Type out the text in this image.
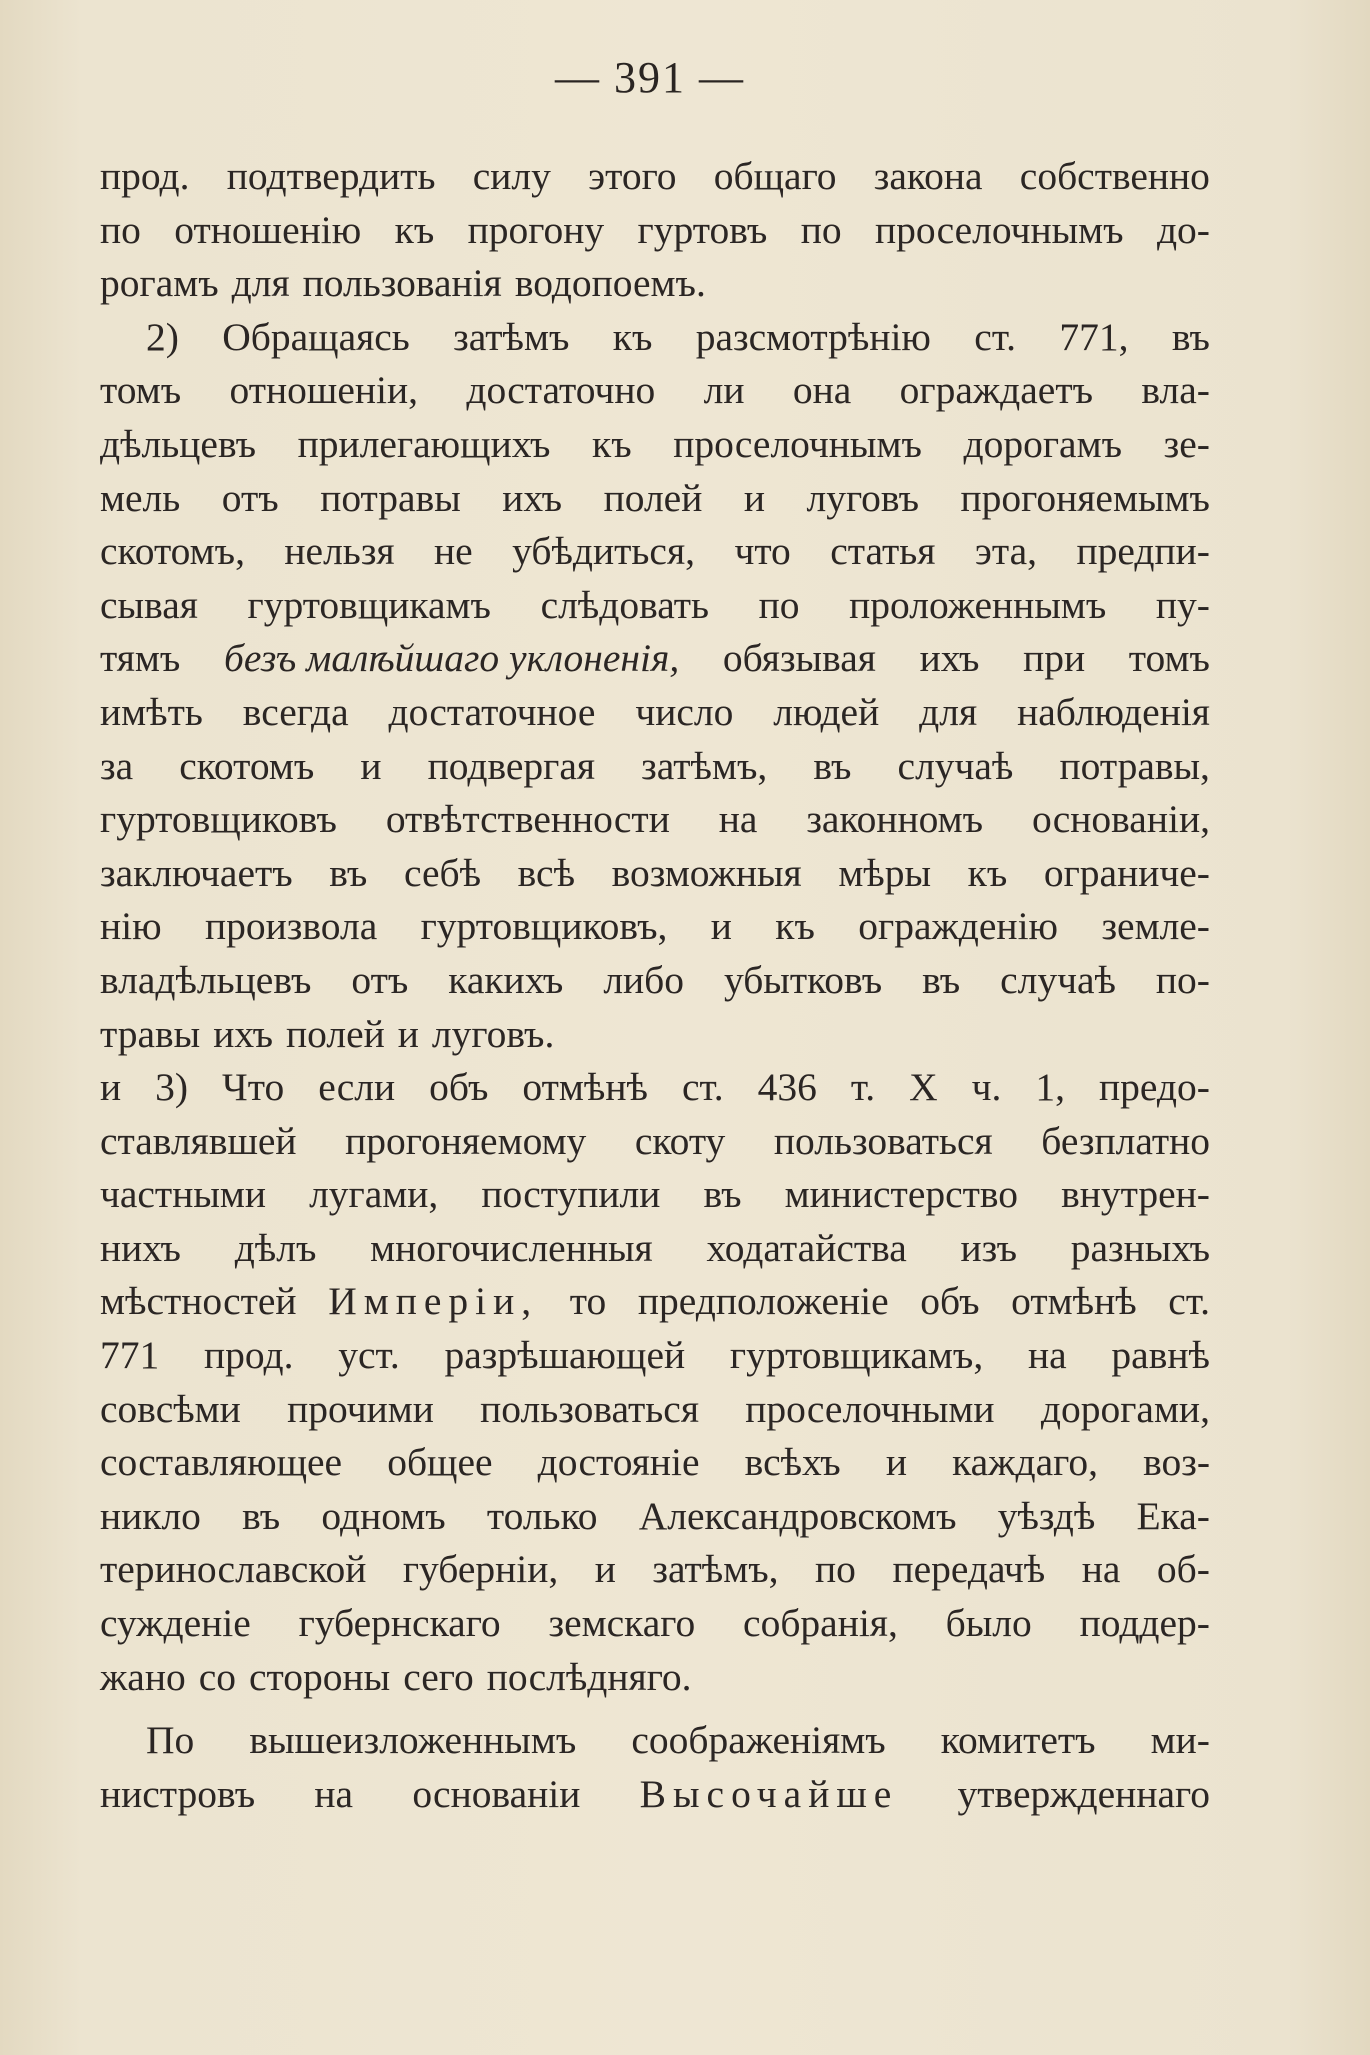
— 391 —
прод. подтвердить силу этого общаго закона собственно
по отношенію къ прогону гуртовъ по проселочнымъ до-
рогамъ для пользованія водопоемъ.
2) Обращаясь затѣмъ къ разсмотрѣнію ст. 771, въ
томъ отношеніи, достаточно ли она ограждаетъ вла-
дѣльцевъ прилегающихъ къ проселочнымъ дорогамъ зе-
мель отъ потравы ихъ полей и луговъ прогоняемымъ
скотомъ, нельзя не убѣдиться, что статья эта, предпи-
сывая гуртовщикамъ слѣдовать по проложеннымъ пу-
тямъ безъ малѣйшаго уклоненія, обязывая ихъ при томъ
имѣть всегда достаточное число людей для наблюденія
за скотомъ и подвергая затѣмъ, въ случаѣ потравы,
гуртовщиковъ отвѣтственности на законномъ основаніи,
заключаетъ въ себѣ всѣ возможныя мѣры къ ограниче-
нію произвола гуртовщиковъ, и къ огражденію земле-
владѣльцевъ отъ какихъ либо убытковъ въ случаѣ по-
травы ихъ полей и луговъ.
и 3) Что если объ отмѣнѣ ст. 436 т. X ч. 1, предо-
ставлявшей прогоняемому скоту пользоваться безплатно
частными лугами, поступили въ министерство внутрен-
нихъ дѣлъ многочисленныя ходатайства изъ разныхъ
мѣстностей Имперіи, то предположеніе объ отмѣнѣ ст.
771 прод. уст. разрѣшающей гуртовщикамъ, на равнѣ
совсѣми прочими пользоваться проселочными дорогами,
составляющее общее достояніе всѣхъ и каждаго, воз-
никло въ одномъ только Александровскомъ уѣздѣ Ека-
теринославской губерніи, и затѣмъ, по передачѣ на об-
сужденіе губернскаго земскаго собранія, было поддер-
жано со стороны сего послѣдняго.
По вышеизложеннымъ соображеніямъ комитетъ ми-
нистровъ на основаніи Высочайше утвержденнаго
